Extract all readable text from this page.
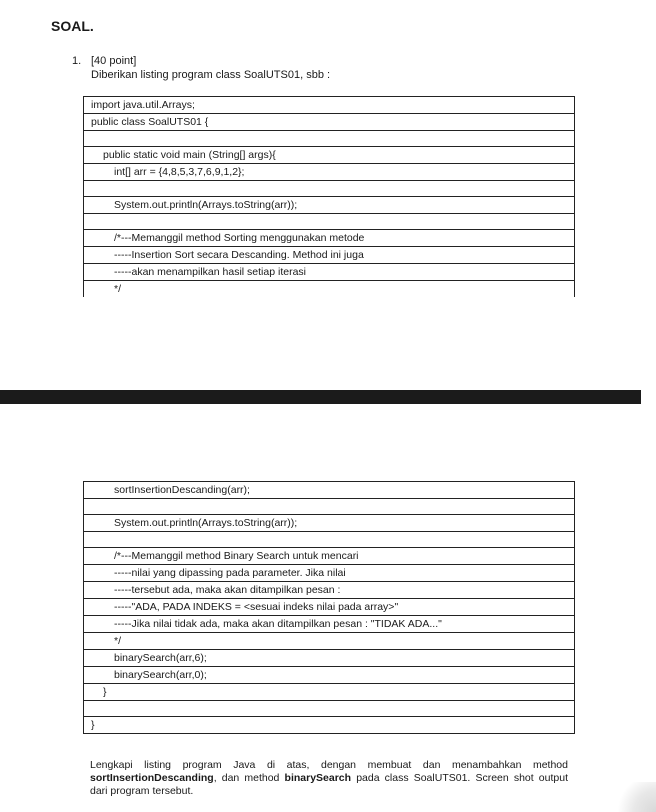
SOAL.
1. [40 point]
Diberikan listing program class SoalUTS01, sbb :
import java.util.Arrays;
public class SoalUTS01 {

public static void main (String[] args){
int[] arr = {4,8,5,3,7,6,9,1,2};

System.out.println(Arrays.toString(arr));

/*---Memanggil method Sorting menggunakan metode
-----Insertion Sort secara Descanding. Method ini juga
-----akan menampilkan hasil setiap iterasi
*/
sortInsertionDescanding(arr);

System.out.println(Arrays.toString(arr));

/*---Memanggil method Binary Search untuk mencari
-----nilai yang dipassing pada parameter. Jika nilai
-----tersebut ada, maka akan ditampilkan pesan :
-----"ADA, PADA INDEKS = <sesuai indeks nilai pada array>"
-----Jika nilai tidak ada, maka akan ditampilkan pesan : "TIDAK ADA..."
*/
binarySearch(arr,6);
binarySearch(arr,0);
}

}
Lengkapi listing program Java di atas, dengan membuat dan menambahkan method sortInsertionDescanding, dan method binarySearch pada class SoalUTS01. Screen shot output dari program tersebut.
